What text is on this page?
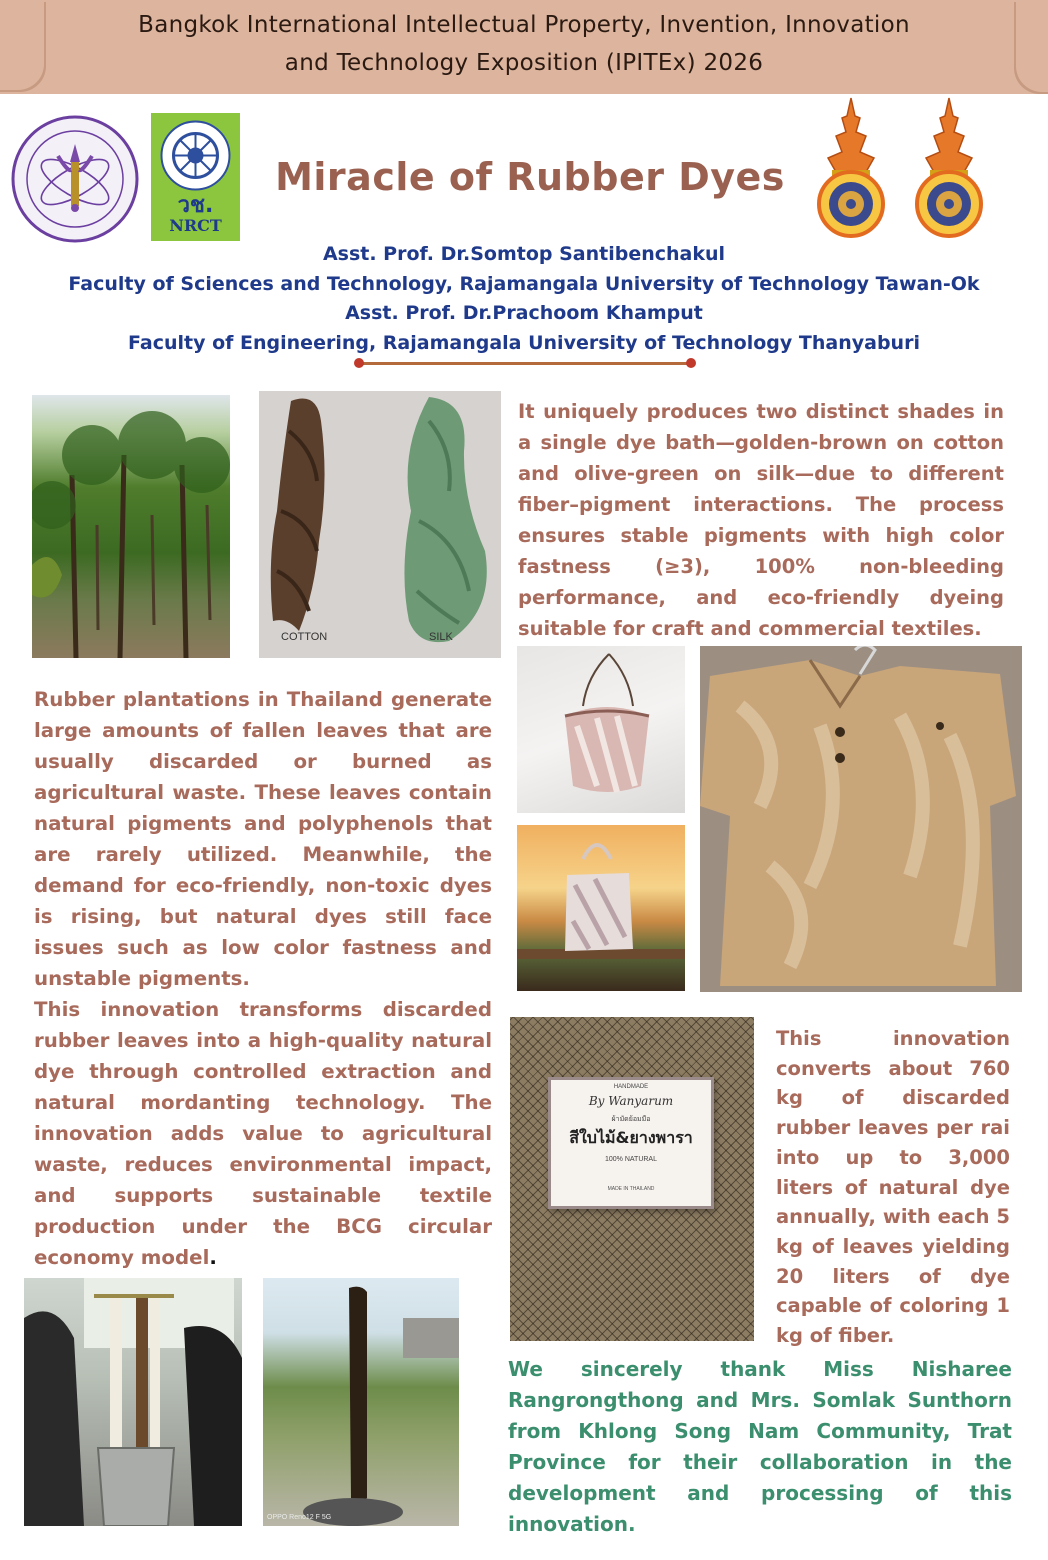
Bangkok International Intellectual Property, Invention, Innovation
and Technology Exposition (IPITEx) 2026
วช.
NRCT
Miracle of Rubber Dyes
Asst. Prof. Dr.Somtop Santibenchakul
Faculty of Sciences and Technology, Rajamangala University of Technology Tawan-Ok
Asst. Prof. Dr.Prachoom Khamput
Faculty of Engineering, Rajamangala University of Technology Thanyaburi
COTTON	SILK
It uniquely produces two distinct shades in a single dye bath—golden-brown on cotton and olive-green on silk—due to different fiber–pigment interactions. The process ensures stable pigments with high color fastness (≥3), 100% non-bleeding performance, and eco-friendly dyeing suitable for craft and commercial textiles.

Rubber plantations in Thailand generate large amounts of fallen leaves that are usually discarded or burned as agricultural waste. These leaves contain natural pigments and polyphenols that are rarely utilized. Meanwhile, the demand for eco-friendly, non-toxic dyes is rising, but natural dyes still face issues such as low color fastness and unstable pigments.

This innovation transforms discarded rubber leaves into a high-quality natural dye through controlled extraction and natural mordanting technology. The innovation adds value to agricultural waste, reduces environmental impact, and supports sustainable textile production under the BCG circular economy model.

HANDMADE
By Wanyarum
ผ้ามัดย้อมมือ
สีใบไม้&ยางพารา
100% NATURAL
MADE IN THAILAND
This innovation converts about 760 kg of discarded rubber leaves per rai into up to 3,000 liters of natural dye annually, with each 5 kg of leaves yielding 20 liters of dye capable of coloring 1 kg of fiber.
OPPO Reno12 F 5G
We sincerely thank Miss Nisharee Rangrongthong and Mrs. Somlak Sunthorn from Khlong Song Nam Community, Trat Province for their collaboration in the development and processing of this innovation.
